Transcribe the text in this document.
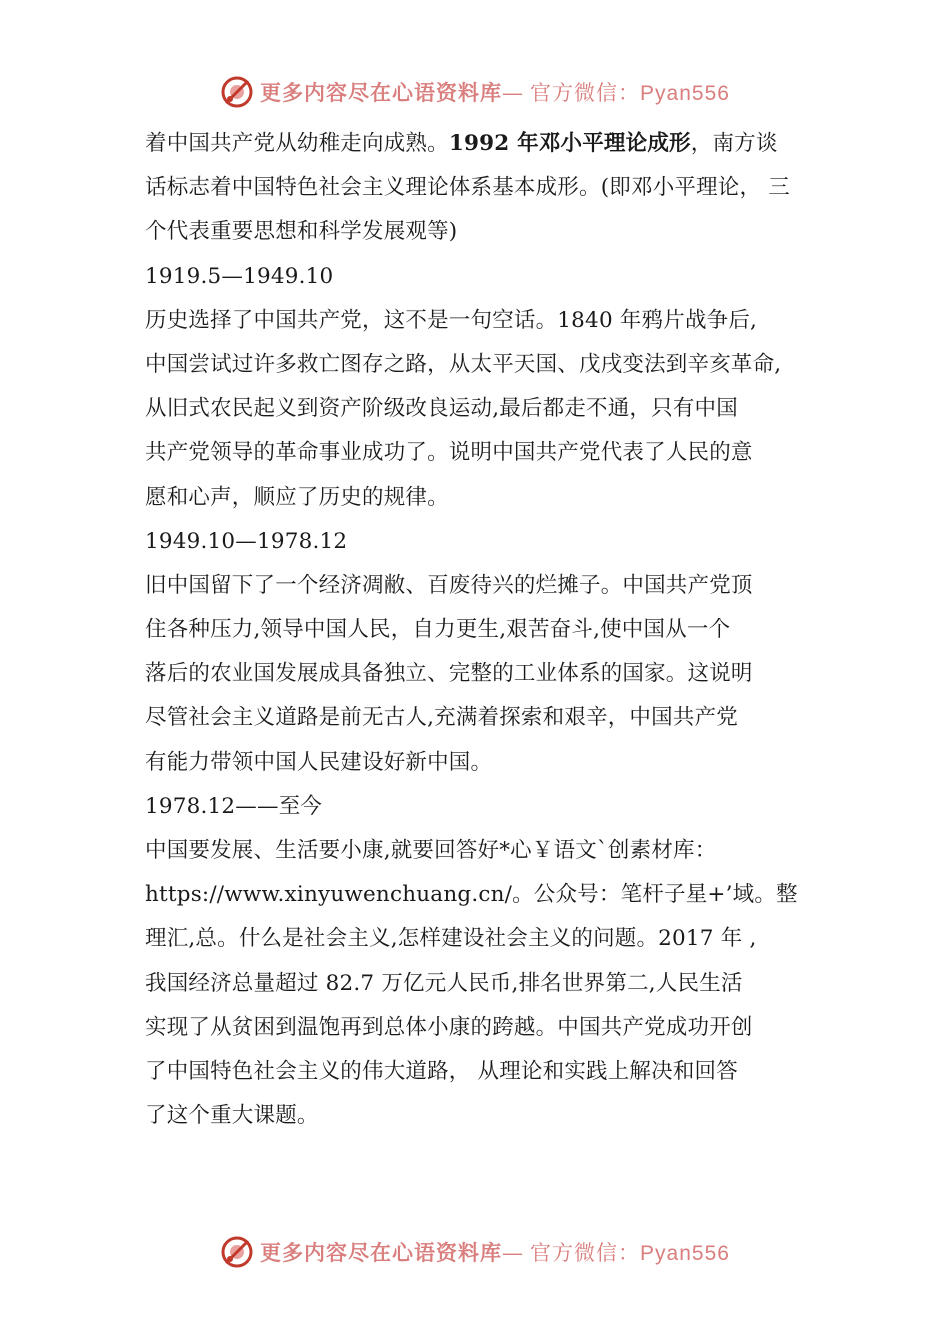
更多内容尽在心语资料库— 官方微信：Pyan556
着中国共产党从幼稚走向成熟。1992 年邓小平理论成形，南方谈
话标志着中国特色社会主义理论体系基本成形。(即邓小平理论， 三
个代表重要思想和科学发展观等)
1919.5—1949.10
历史选择了中国共产党，这不是一句空话。1840 年鸦片战争后,
中国尝试过许多救亡图存之路，从太平天国、戊戌变法到辛亥革命,
从旧式农民起义到资产阶级改良运动,最后都走不通，只有中国
共产党领导的革命事业成功了。说明中国共产党代表了人民的意
愿和心声，顺应了历史的规律。
1949.10—1978.12
旧中国留下了一个经济凋敝、百废待兴的烂摊子。中国共产党顶
住各种压力,领导中国人民，自力更生,艰苦奋斗,使中国从一个
落后的农业国发展成具备独立、完整的工业体系的国家。这说明
尽管社会主义道路是前无古人,充满着探索和艰辛，中国共产党
有能力带领中国人民建设好新中国。
1978.12——至今
中国要发展、生活要小康,就要回答好*心￥语文`创素材库：
https://www.xinyuwenchuang.cn/。公众号：笔杆子星+’域。整
理汇,总。什么是社会主义,怎样建设社会主义的问题。2017 年 ,
我国经济总量超过 82.7 万亿元人民币,排名世界第二,人民生活
实现了从贫困到温饱再到总体小康的跨越。中国共产党成功开创
了中国特色社会主义的伟大道路， 从理论和实践上解决和回答
了这个重大课题。
更多内容尽在心语资料库— 官方微信：Pyan556
